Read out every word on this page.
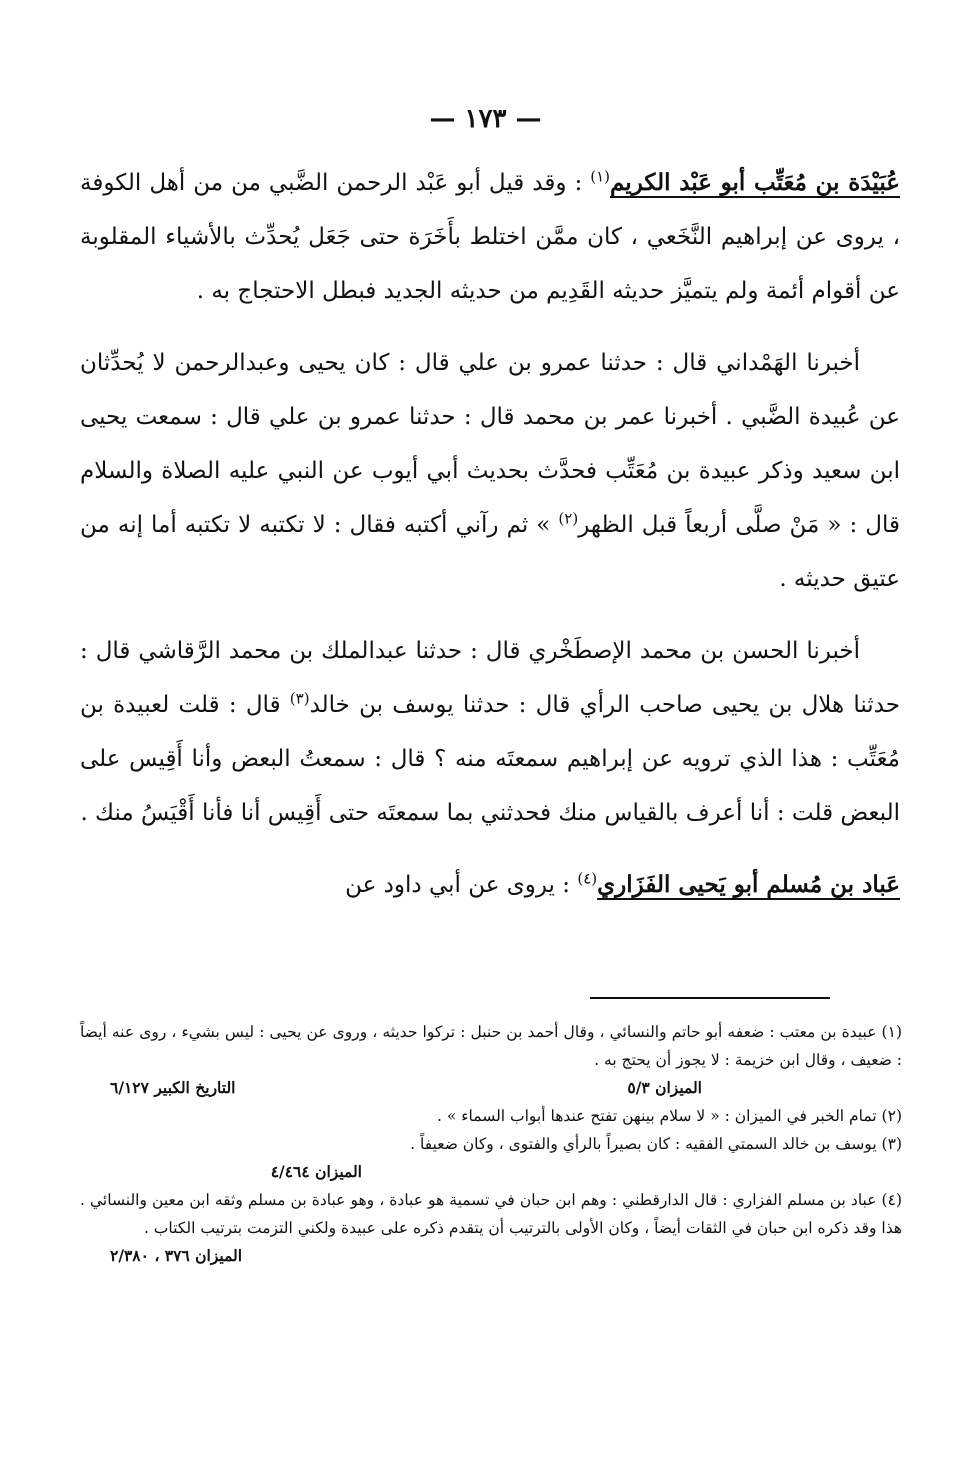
— ١٧٣ —

عُبَيْدَة بن مُعَتِّب أبو عَبْد الكريم$^{(١)}$ : وقد قيل أبو عَبْد الرحمن الضَّبي من من أهل الكوفة ، يروى عن إبراهيم النَّخَعي ، كان ممَّن اختلط بأَخَرَة حتى جَعَل يُحدِّث بالأشياء المقلوبة عن أقوام أئمة ولم يتميَّز حديثه القَدِيم من حديثه الجديد فبطل الاحتجاج به .

أخبرنا الهَمْداني قال : حدثنا عمرو بن علي قال : كان يحيى وعبدالرحمن لا يُحدِّثان عن عُبيدة الضَّبي . أخبرنا عمر بن محمد قال : حدثنا عمرو بن علي قال : سمعت يحيى ابن سعيد وذكر عبيدة بن مُعَتِّب فحدَّث بحديث أبي أيوب عن النبي عليه الصلاة والسلام قال : « مَنْ صلَّى أربعاً قبل الظهر$^{(٢)}$ » ثم رآني أكتبه فقال : لا تكتبه لا تكتبه أما إنه من عتيق حديثه .

أخبرنا الحسن بن محمد الإصطَخْري قال : حدثنا عبدالملك بن محمد الرَّقاشي قال : حدثنا هلال بن يحيى صاحب الرأي قال : حدثنا يوسف بن خالد$^{(٣)}$ قال : قلت لعبيدة بن مُعَتِّب : هذا الذي ترويه عن إبراهيم سمعتَه منه ؟ قال : سمعتُ البعض وأنا أَقِيس على البعض قلت : أنا أعرف بالقياس منك فحدثني بما سمعتَه حتى أَقِيس أنا فأنا أَقْيَسُ منك .

عَباد بن مُسلم أبو يَحيى الفَزَاري$^{(٤)}$ : يروى عن أبي داود عن

(١) عبيدة بن معتب : ضعفه أبو حاتم والنسائي ، وقال أحمد بن حنبل : تركوا حديثه ، وروى عن يحيى : ليس بشيء ، روى عنه أيضاً : ضعيف ، وقال ابن خزيمة : لا يجوز أن يحتج به .

الميزان ٥/٣
التاريخ الكبير ٦/١٢٧

(٢) تمام الخبر في الميزان : « لا سلام بينهن تفتح عندها أبواب السماء » .

(٣) يوسف بن خالد السمتي الفقيه : كان بصيراً بالرأي والفتوى ، وكان ضعيفاً .

الميزان ٤/٤٦٤

(٤) عباد بن مسلم الفزاري : قال الدارقطني : وهم ابن حبان في تسمية هو عبادة ، وهو عبادة بن مسلم وثقه ابن معين والنسائي . هذا وقد ذكره ابن حبان في الثقات أيضاً ، وكان الأولى بالترتيب أن يتقدم ذكره على عبيدة ولكني التزمت بترتيب الكتاب .

الميزان ٣٧٦ ، ٢/٣٨٠
